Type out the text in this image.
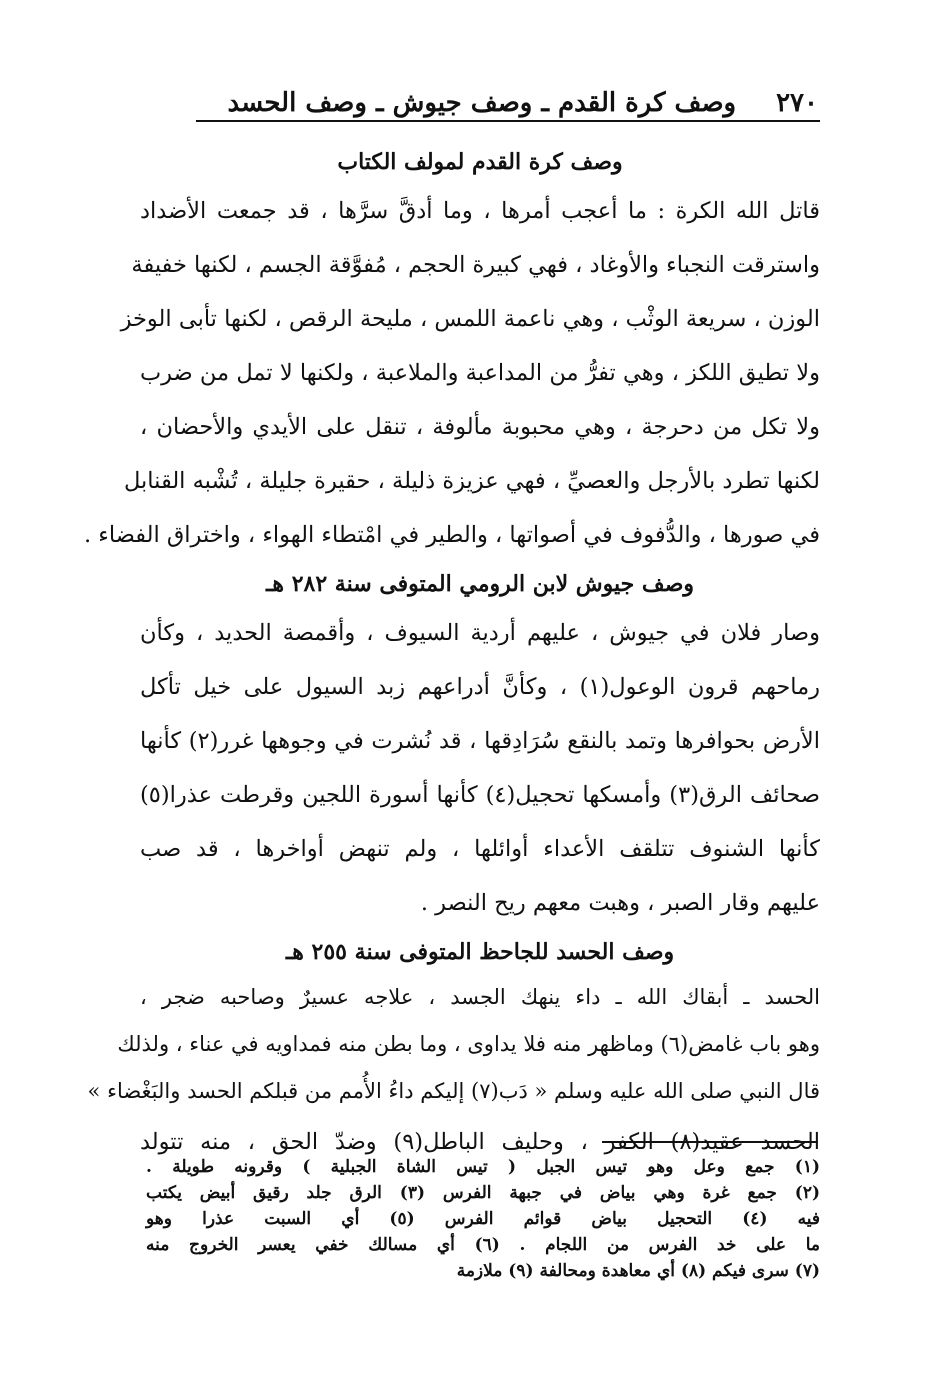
٢٧٠
وصف كرة القدم ـ وصف جيوش ـ وصف الحسد
وصف كرة القدم لمولف الكتاب
قاتل الله الكرة : ما أعجب أمرها ، وما أدقَّ سرَّها ، قد جمعت الأضداد
واسترقت النجباء والأوغاد ، فهي كبيرة الحجم ، مُفوَّقة الجسم ، لكنها خفيفة
الوزن ، سريعة الوثْب ، وهي ناعمة اللمس ، مليحة الرقص ، لكنها تأبى الوخز
ولا تطيق اللكز ، وهي تفرُّ من المداعبة والملاعبة ، ولكنها لا تمل من ضرب
ولا تكل من دحرجة ، وهي محبوبة مألوفة ، تنقل على الأيدي والأحضان ،
لكنها تطرد بالأرجل والعصيِّ ، فهي عزيزة ذليلة ، حقيرة جليلة ، تُشْبه القنابل
في صورها ، والدُّفوف في أصواتها ، والطير في امْتطاء الهواء ، واختراق الفضاء .
وصف جيوش لابن الرومي المتوفى سنة ٢٨٢ هـ
وصار فلان في جيوش ، عليهم أردية السيوف ، وأقمصة الحديد ، وكأن
رماحهم قرون الوعول(١) ، وكأنَّ أدراعهم زبد السيول على خيل تأكل
الأرض بحوافرها وتمد بالنقع سُرَادِقها ، قد نُشرت في وجوهها غرر(٢) كأنها
صحائف الرق(٣) وأمسكها تحجيل(٤) كأنها أسورة اللجين وقرطت عذرا(٥)
كأنها الشنوف تتلقف الأعداء أوائلها ، ولم تنهض أواخرها ، قد صب
عليهم وقار الصبر ، وهبت معهم ريح النصر .
وصف الحسد للجاحظ المتوفى سنة ٢٥٥ هـ
الحسد ـ أبقاك الله ـ داء ينهك الجسد ، علاجه عسيرٌ وصاحبه ضجر ،
وهو باب غامض(٦) وماظهر منه فلا يداوى ، وما بطن منه فمداويه في عناء ، ولذلك
قال النبي صلى الله عليه وسلم « دَب(٧) إليكم داءُ الأُمم من قبلكم الحسد والبَغْضاء »
الحسد عقيد(٨) الكفر ، وحليف الباطل(٩) وضدّ الحق ، منه تتولد
(١) جمع وعل وهو تيس الجبل ( تيس الشاة الجبلية ) وقرونه طويلة .
(٢) جمع غرة وهي بياض في جبهة الفرس (٣) الرق جلد رقيق أبيض يكتب
فيه (٤) التحجيل بياض قوائم الفرس (٥) أي السبت عذرا وهو
ما على خد الفرس من اللجام . (٦) أي مسالك خفي يعسر الخروج منه
(٧) سرى فيكم (٨) أي معاهدة ومحالفة (٩) ملازمة
